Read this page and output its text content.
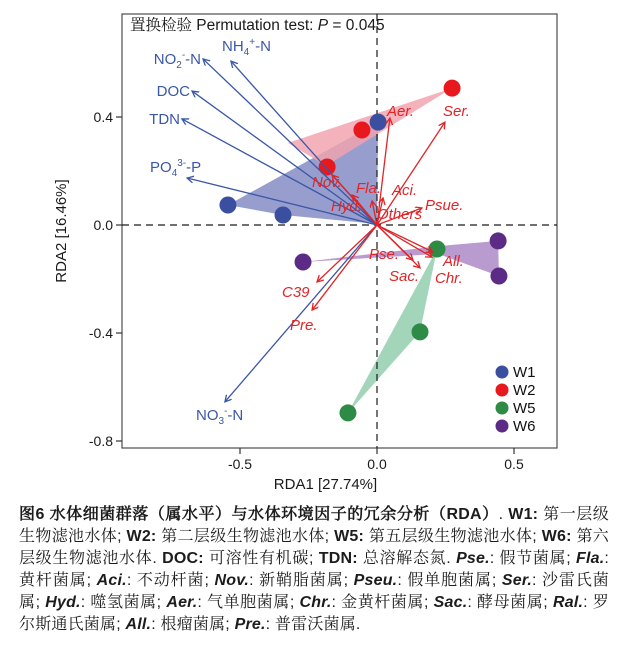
-0.5	0.0	0.5
0.4
0.0
-0.4
-0.8
RDA1 [27.74%]
RDA2 [16.46%]
$NH_4^+-N$
$NO_2^--N$
DOC
TDN
$PO_4^{3-}-P$
$NO_3^--N$
Aer. Ser.
Nov. Fla. Aci.
Hyd.	Psue.
Others
Pse.
Sac.
All.
Chr.
C39
Pre.
置换检验 Permutation test: P = 0.045
W1
W2
W5
W6
图6 水体细菌群落（属水平）与水体环境因子的冗余分析（RDA）. W1: 第一层级生物滤池水体; W2: 第二层级生物滤池水体; W5: 第五层级生物滤池水体; W6: 第六层级生物滤池水体. DOC: 可溶性有机碳; TDN: 总溶解态氮. Pse.: 假节菌属; Fla.: 黄杆菌属; Aci.: 不动杆菌; Nov.: 新鞘脂菌属; Pseu.: 假单胞菌属; Ser.: 沙雷氏菌属; Hyd.: 噬氢菌属; Aer.: 气单胞菌属; Chr.: 金黄杆菌属; Sac.: 酵母菌属; Ral.: 罗尔斯通氏菌属; All.: 根瘤菌属; Pre.: 普雷沃菌属.
